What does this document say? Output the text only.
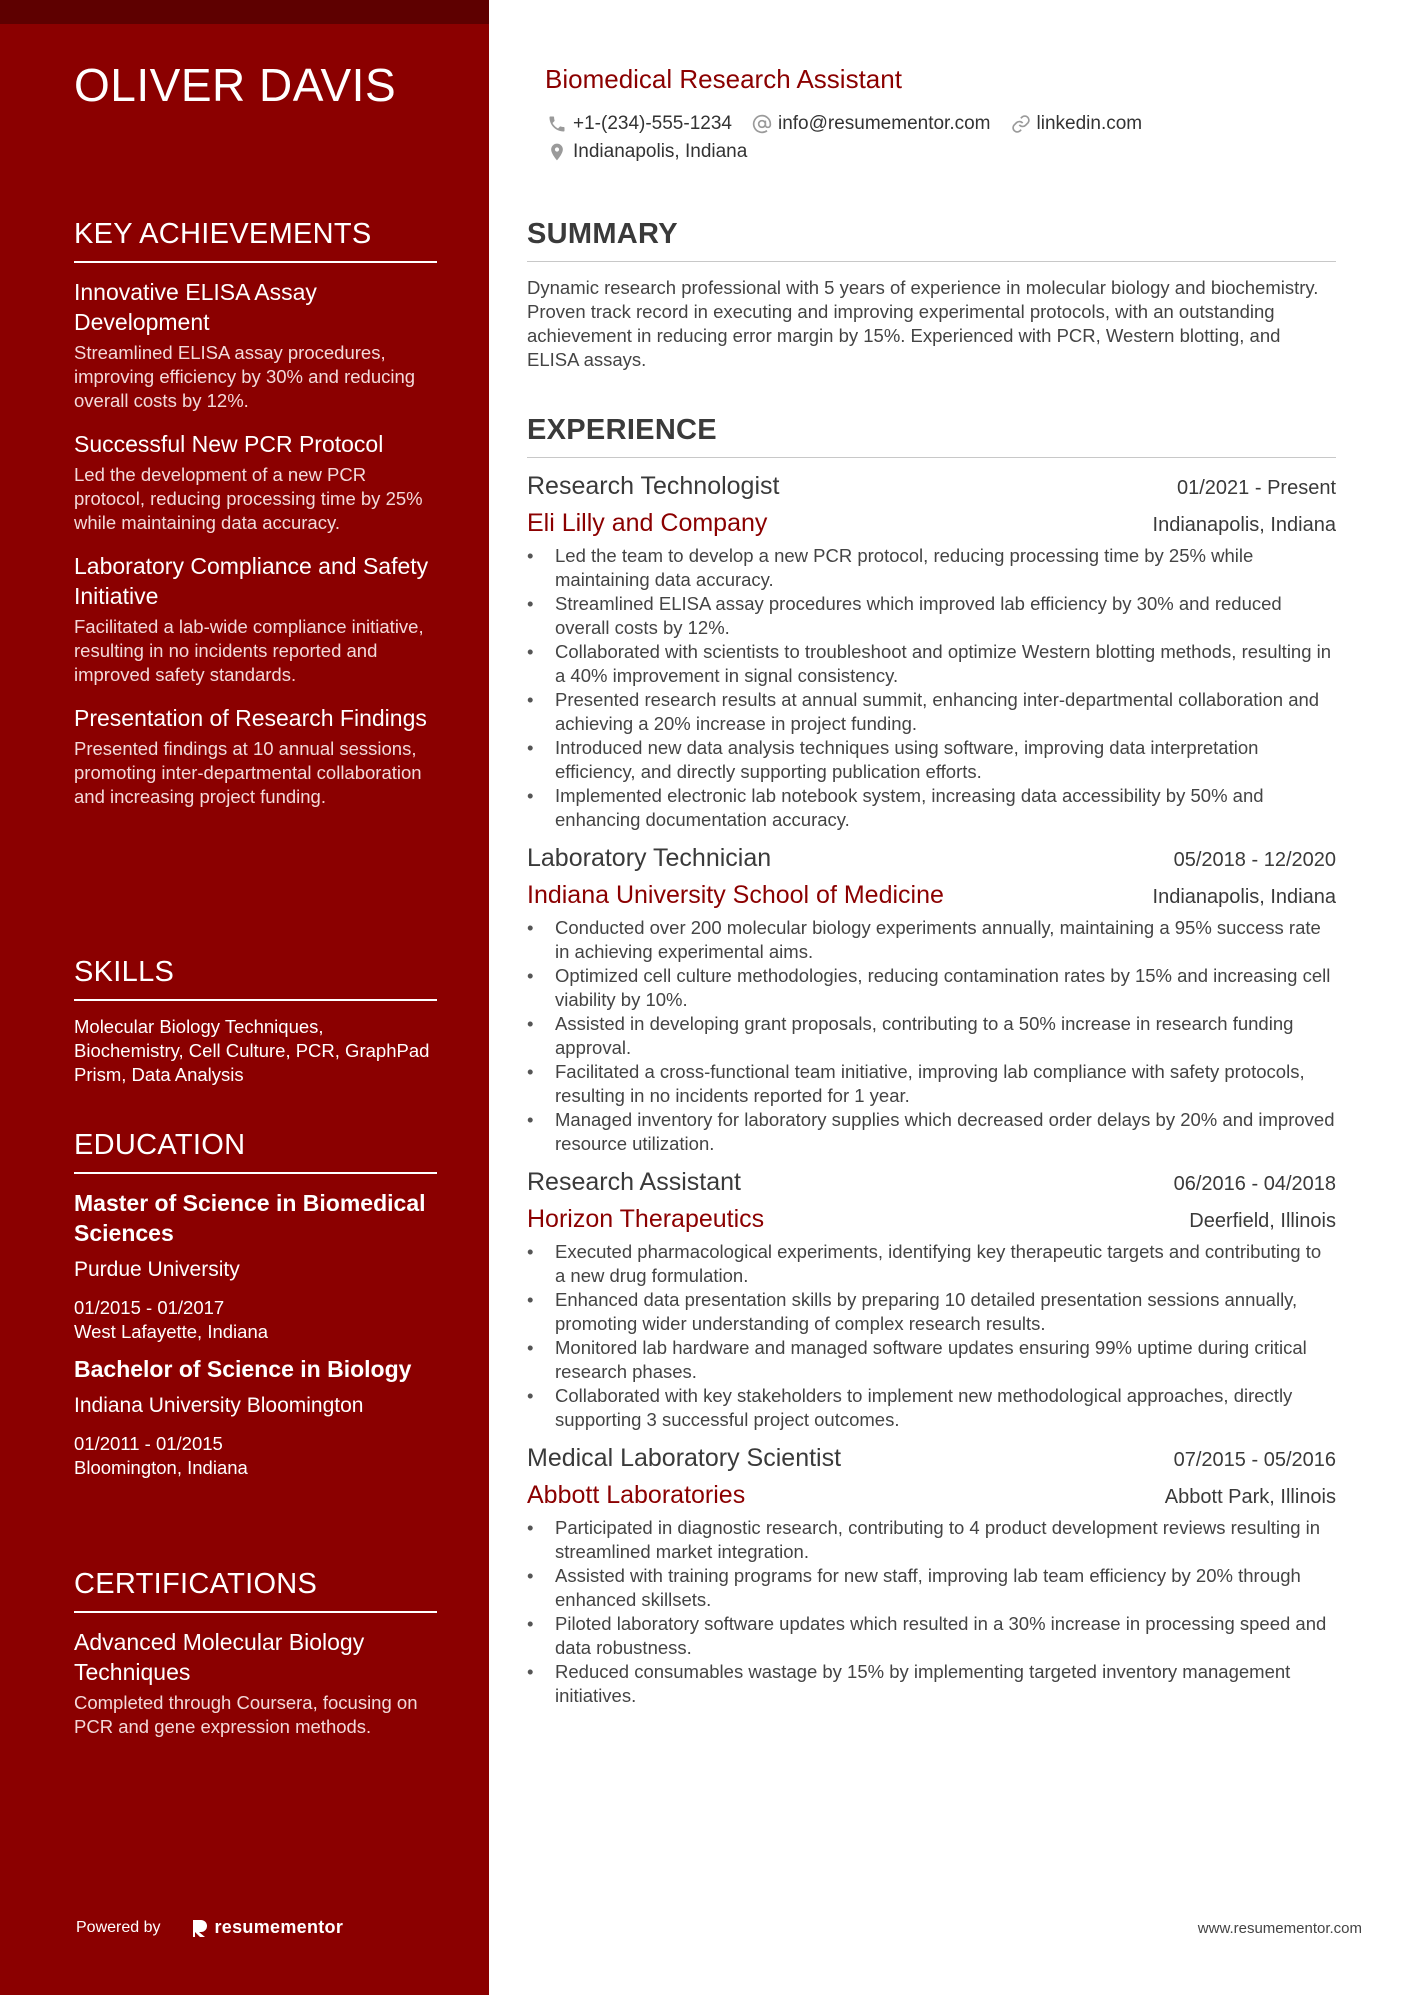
OLIVER DAVIS
KEY ACHIEVEMENTS
Innovative ELISA Assay Development
Streamlined ELISA assay procedures, improving efficiency by 30% and reducing overall costs by 12%.
Successful New PCR Protocol
Led the development of a new PCR protocol, reducing processing time by 25% while maintaining data accuracy.
Laboratory Compliance and Safety Initiative
Facilitated a lab-wide compliance initiative, resulting in no incidents reported and improved safety standards.
Presentation of Research Findings
Presented findings at 10 annual sessions, promoting inter-departmental collaboration and increasing project funding.
SKILLS
Molecular Biology Techniques, Biochemistry, Cell Culture, PCR, GraphPad Prism, Data Analysis
EDUCATION
Master of Science in Biomedical Sciences
Purdue University
01/2015 - 01/2017
West Lafayette, Indiana
Bachelor of Science in Biology
Indiana University Bloomington
01/2011 - 01/2015
Bloomington, Indiana
CERTIFICATIONS
Advanced Molecular Biology Techniques
Completed through Coursera, focusing on PCR and gene expression methods.
Powered by	resumementor
Biomedical Research Assistant
+1-(234)-555-1234 info@resumementor.com linkedin.com
Indianapolis, Indiana
SUMMARY

Dynamic research professional with 5 years of experience in molecular biology and biochemistry. Proven track record in executing and improving experimental protocols, with an outstanding achievement in reducing error margin by 15%. Experienced with PCR, Western blotting, and ELISA assays.

EXPERIENCE
Research Technologist	01/2021 - Present
Eli Lilly and Company	Indianapolis, Indiana
• Led the team to develop a new PCR protocol, reducing processing time by 25% while maintaining data accuracy.
• Streamlined ELISA assay procedures which improved lab efficiency by 30% and reduced overall costs by 12%.
• Collaborated with scientists to troubleshoot and optimize Western blotting methods, resulting in a 40% improvement in signal consistency.
• Presented research results at annual summit, enhancing inter-departmental collaboration and achieving a 20% increase in project funding.
• Introduced new data analysis techniques using software, improving data interpretation efficiency, and directly supporting publication efforts.
• Implemented electronic lab notebook system, increasing data accessibility by 50% and enhancing documentation accuracy.
Laboratory Technician	05/2018 - 12/2020
Indiana University School of Medicine	Indianapolis, Indiana
• Conducted over 200 molecular biology experiments annually, maintaining a 95% success rate in achieving experimental aims.
• Optimized cell culture methodologies, reducing contamination rates by 15% and increasing cell viability by 10%.
• Assisted in developing grant proposals, contributing to a 50% increase in research funding approval.
• Facilitated a cross-functional team initiative, improving lab compliance with safety protocols, resulting in no incidents reported for 1 year.
• Managed inventory for laboratory supplies which decreased order delays by 20% and improved resource utilization.
Research Assistant	06/2016 - 04/2018
Horizon Therapeutics	Deerfield, Illinois
• Executed pharmacological experiments, identifying key therapeutic targets and contributing to a new drug formulation.
• Enhanced data presentation skills by preparing 10 detailed presentation sessions annually, promoting wider understanding of complex research results.
• Monitored lab hardware and managed software updates ensuring 99% uptime during critical research phases.
• Collaborated with key stakeholders to implement new methodological approaches, directly supporting 3 successful project outcomes.
Medical Laboratory Scientist	07/2015 - 05/2016
Abbott Laboratories	Abbott Park, Illinois
• Participated in diagnostic research, contributing to 4 product development reviews resulting in streamlined market integration.
• Assisted with training programs for new staff, improving lab team efficiency by 20% through enhanced skillsets.
• Piloted laboratory software updates which resulted in a 30% increase in processing speed and data robustness.
• Reduced consumables wastage by 15% by implementing targeted inventory management initiatives.
www.resumementor.com
